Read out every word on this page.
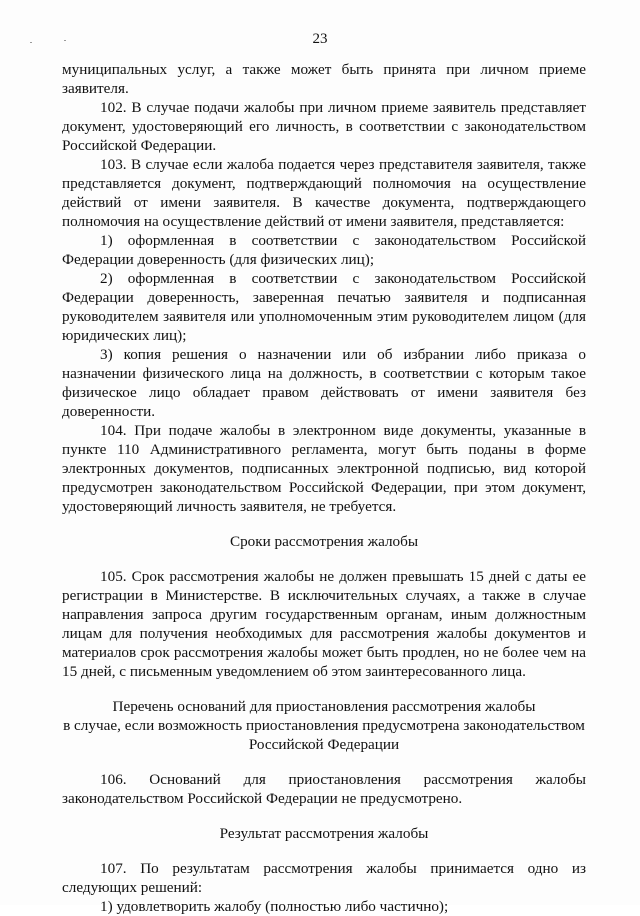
23

муниципальных услуг, а также может быть принята при личном приеме заявителя.

102. В случае подачи жалобы при личном приеме заявитель представляет документ, удостоверяющий его личность, в соответствии с законодательством Российской Федерации.

103. В случае если жалоба подается через представителя заявителя, также представляется документ, подтверждающий полномочия на осуществление действий от имени заявителя. В качестве документа, подтверждающего полномочия на осуществление действий от имени заявителя, представляется:

1) оформленная в соответствии с законодательством Российской Федерации доверенность (для физических лиц);

2) оформленная в соответствии с законодательством Российской Федерации доверенность, заверенная печатью заявителя и подписанная руководителем заявителя или уполномоченным этим руководителем лицом (для юридических лиц);

3) копия решения о назначении или об избрании либо приказа о назначении физического лица на должность, в соответствии с которым такое физическое лицо обладает правом действовать от имени заявителя без доверенности.

104. При подаче жалобы в электронном виде документы, указанные в пункте 110 Административного регламента, могут быть поданы в форме электронных документов, подписанных электронной подписью, вид которой предусмотрен законодательством Российской Федерации, при этом документ, удостоверяющий личность заявителя, не требуется.

Сроки рассмотрения жалобы

105. Срок рассмотрения жалобы не должен превышать 15 дней с даты ее регистрации в Министерстве. В исключительных случаях, а также в случае направления запроса другим государственным органам, иным должностным лицам для получения необходимых для рассмотрения жалобы документов и материалов срок рассмотрения жалобы может быть продлен, но не более чем на 15 дней, с письменным уведомлением об этом заинтересованного лица.

Перечень оснований для приостановления рассмотрения жалобы

в случае, если возможность приостановления предусмотрена законодательством

Российской Федерации

106. Оснований для приостановления рассмотрения жалобы законодательством Российской Федерации не предусмотрено.

Результат рассмотрения жалобы

107. По результатам рассмотрения жалобы принимается одно из следующих решений:

1) удовлетворить жалобу (полностью либо частично);
